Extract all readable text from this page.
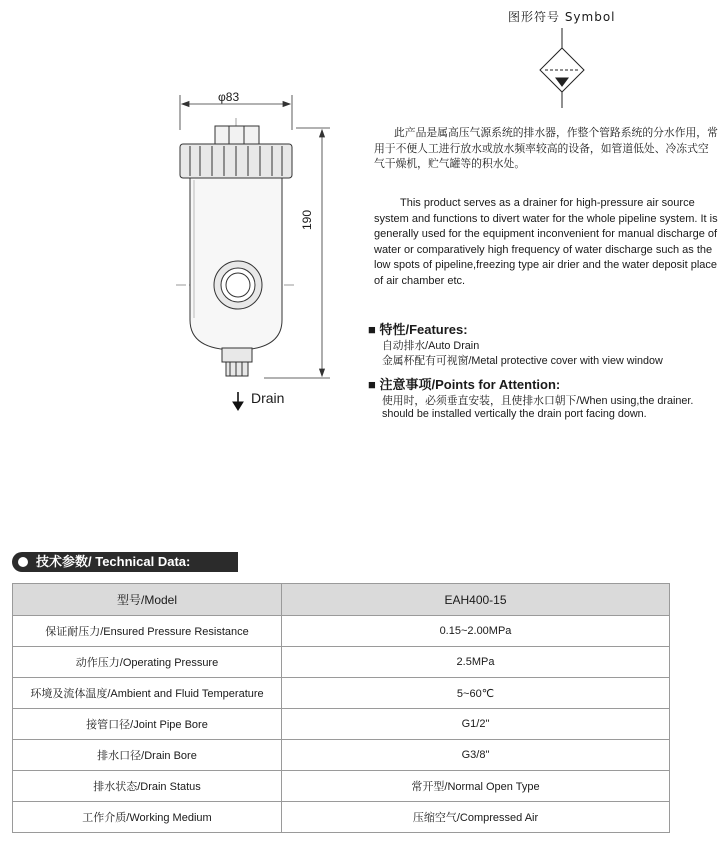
图形符号 Symbol
φ83
190
Drain

此产品是属高压气源系统的排水器，作整个管路系统的分水作用，常用于不便人工进行放水或放水频率较高的设备，如管道低处、冷冻式空气干燥机，贮气罐等的积水处。

This product serves as a drainer for high-pressure air source system and functions to divert water for the whole pipeline system. It is generally used for the equipment inconvenient for manual discharge of water or comparatively high frequency of water discharge such as the low spots of pipeline,freezing type air drier and the water deposit place of air chamber etc.

■ 特性/Features:
自动排水/Auto Drain
金属杯配有可视窗/Metal protective cover with view window
■ 注意事项/Points for Attention:
使用时，必须垂直安装，且使排水口朝下/When using,the drainer.
should be installed vertically the drain port facing down.
技术参数/ Technical Data:
型号/Model	EAH400-15
保证耐压力/Ensured Pressure Resistance	0.15~2.00MPa
动作压力/Operating Pressure	2.5MPa
环境及流体温度/Ambient and Fluid Temperature	5~60℃
接管口径/Joint Pipe Bore	G1/2"
排水口径/Drain Bore	G3/8"
排水状态/Drain Status	常开型/Normal Open Type
工作介质/Working Medium	压缩空气/Compressed Air
